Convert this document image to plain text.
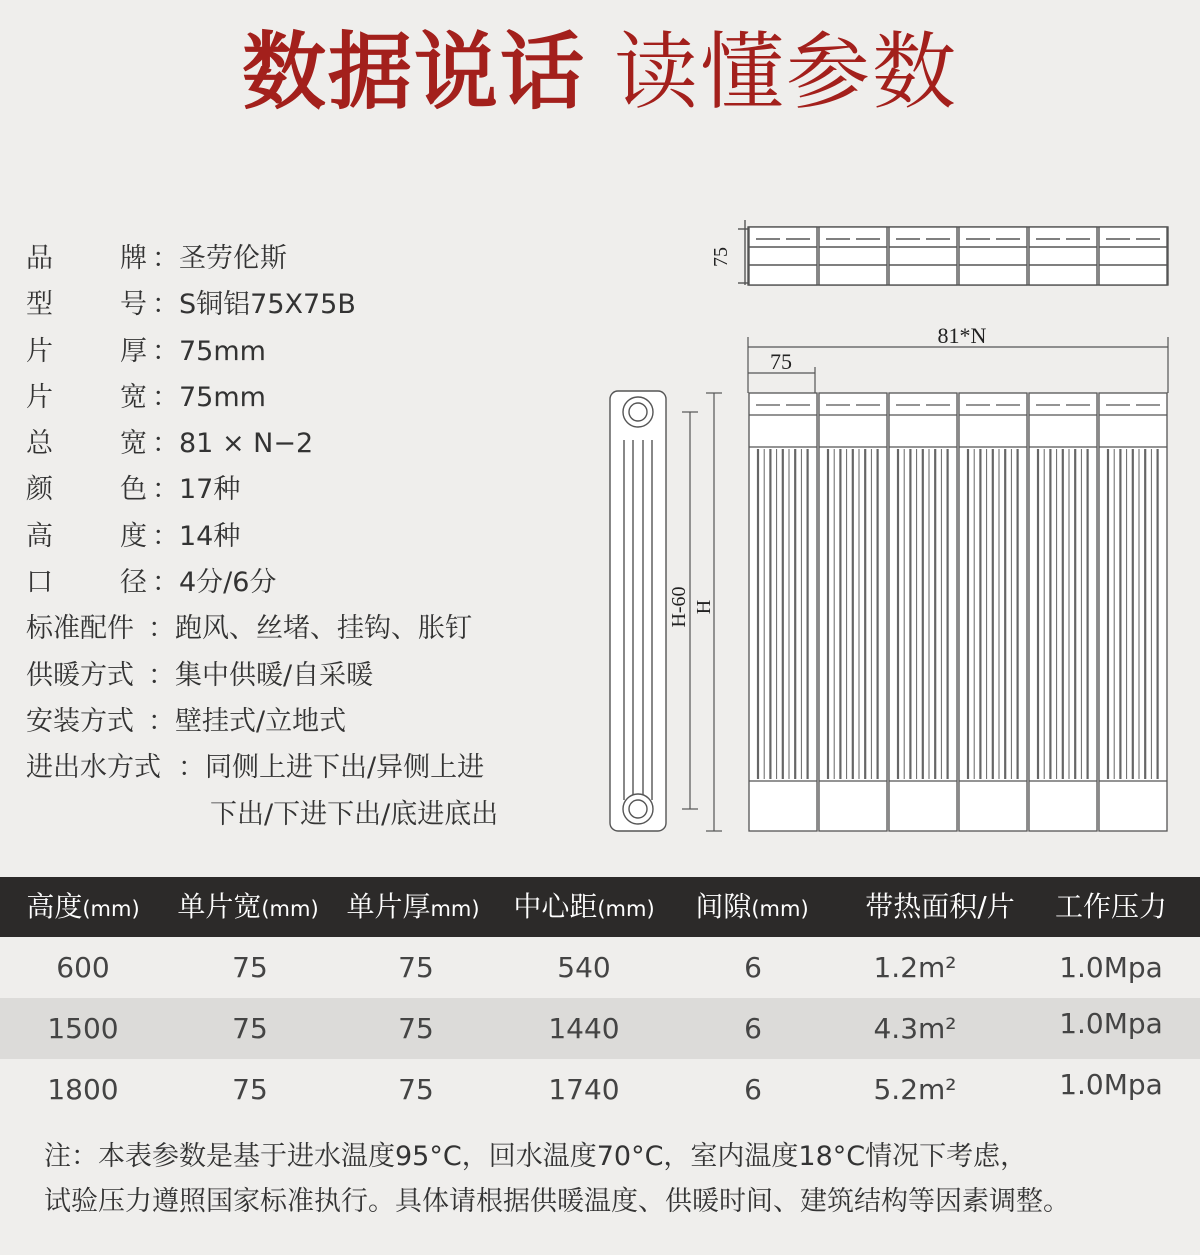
数据说话 读懂参数
品 牌 ：圣劳伦斯
型 号 ：S铜铝75X75B
片 厚 ：75mm
片 宽 ：75mm
总 宽 ：81 × N−2
颜 色 ：17种
高 度 ：14种
口 径 ：4分/6分
标准配件 ：跑风、丝堵、挂钩、胀钉
供暖方式 ：集中供暖/自采暖
安装方式 ：壁挂式/立地式
进出水方式 ：同侧上进下出/异侧上进
下出/下进下出/底进底出
75
81*N
75
H-60 H
高度(mm) 单片宽(mm) 单片厚mm) 中心距(mm)	间隙(mm)	带热面积/片	工作压力
600	75	75	540	6	1.2m²	1.0Mpa
1500	75	75	1440	6	4.3m²	1.0Mpa
1800	75	75	1740	6	5.2m²	1.0Mpa
注：本表参数是基于进水温度95°C，回水温度70°C，室内温度18°C情况下考虑，
试验压力遵照国家标准执行。具体请根据供暖温度、供暖时间、建筑结构等因素调整。
